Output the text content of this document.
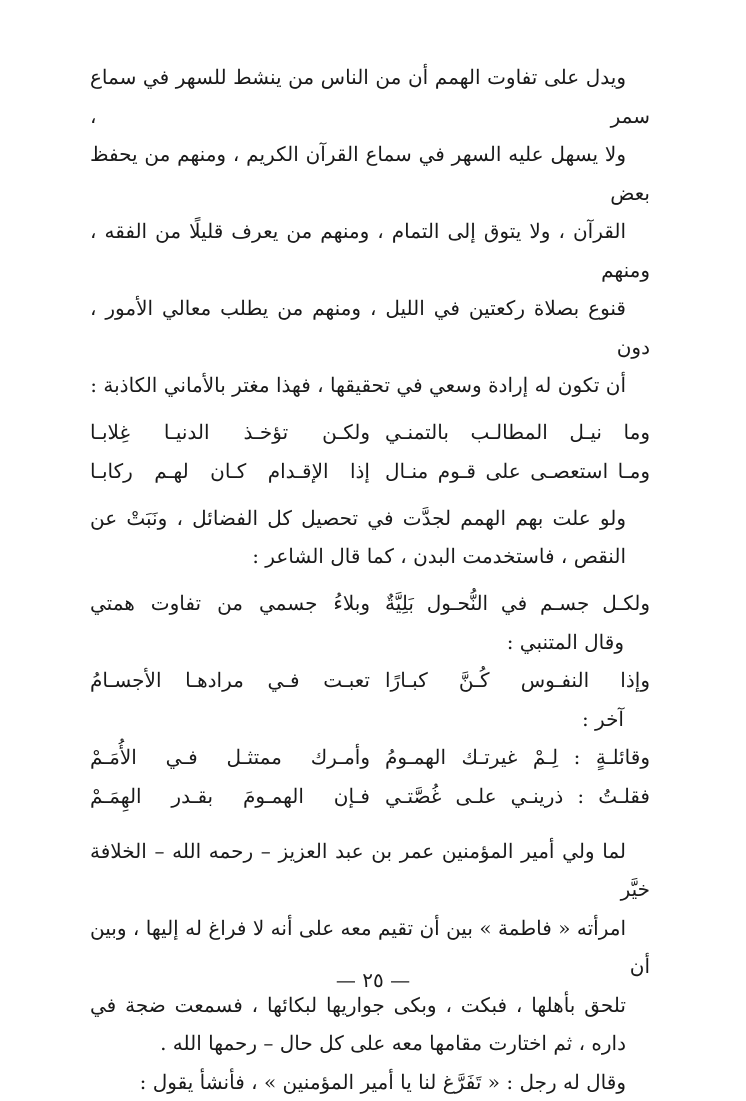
ويدل على تفاوت الهمم أن من الناس من ينشط للسهر في سماع سمر ،
ولا يسهل عليه السهر في سماع القرآن الكريم ، ومنهم من يحفظ بعض
القرآن ، ولا يتوق إلى التمام ، ومنهم من يعرف قليلًا من الفقه ، ومنهم
قنوع بصلاة ركعتين في الليل ، ومنهم من يطلب معالي الأمور ، دون
أن تكون له إرادة وسعي في تحقيقها ، فهذا مغتر بالأماني الكاذبة :

وما نيـل المطالـب بالتمنـي
ولكـن تؤخـذ الدنيـا غِلابـا
ومـا استعصـى على قـوم منـال
إذا الإقـدام كـان لهـم ركابـا

ولو علت بهم الهمم لجدَّت في تحصيل كل الفضائل ، ونَبَتْ عن
النقص ، فاستخدمت البدن ، كما قال الشاعر :

ولكـل جسـم في النُّحـول بَلِيَّةٌ
وبلاءُ جسمي من تفاوت همتي

وقال المتنبي :

وإذا النفـوس كُـنَّ كبـارًا
تعبـت فـي مرادهـا الأجسـامُ

آخر :

وقائلـةٍ : لِـمْ غيرتـك الهمـومُ
وأمـرك ممتثـل فـي الأُمَـمْ
فقلـتُ : ذرينـي علـى غُصَّتـي
فـإن الهمـومَ بقـدر الهِمَـمْ

لما ولي أمير المؤمنين عمر بن عبد العزيز – رحمه الله – الخلافة خيَّر
امرأته « فاطمة » بين أن تقيم معه على أنه لا فراغ له إليها ، وبين أن
تلحق بأهلها ، فبكت ، وبكى جواريها لبكائها ، فسمعت ضجة في
داره ، ثم اختارت مقامها معه على كل حال – رحمها الله .

وقال له رجل : « تَفَرَّغ لنا يا أمير المؤمنين » ، فأنشأ يقول :

— ٢٥ —
